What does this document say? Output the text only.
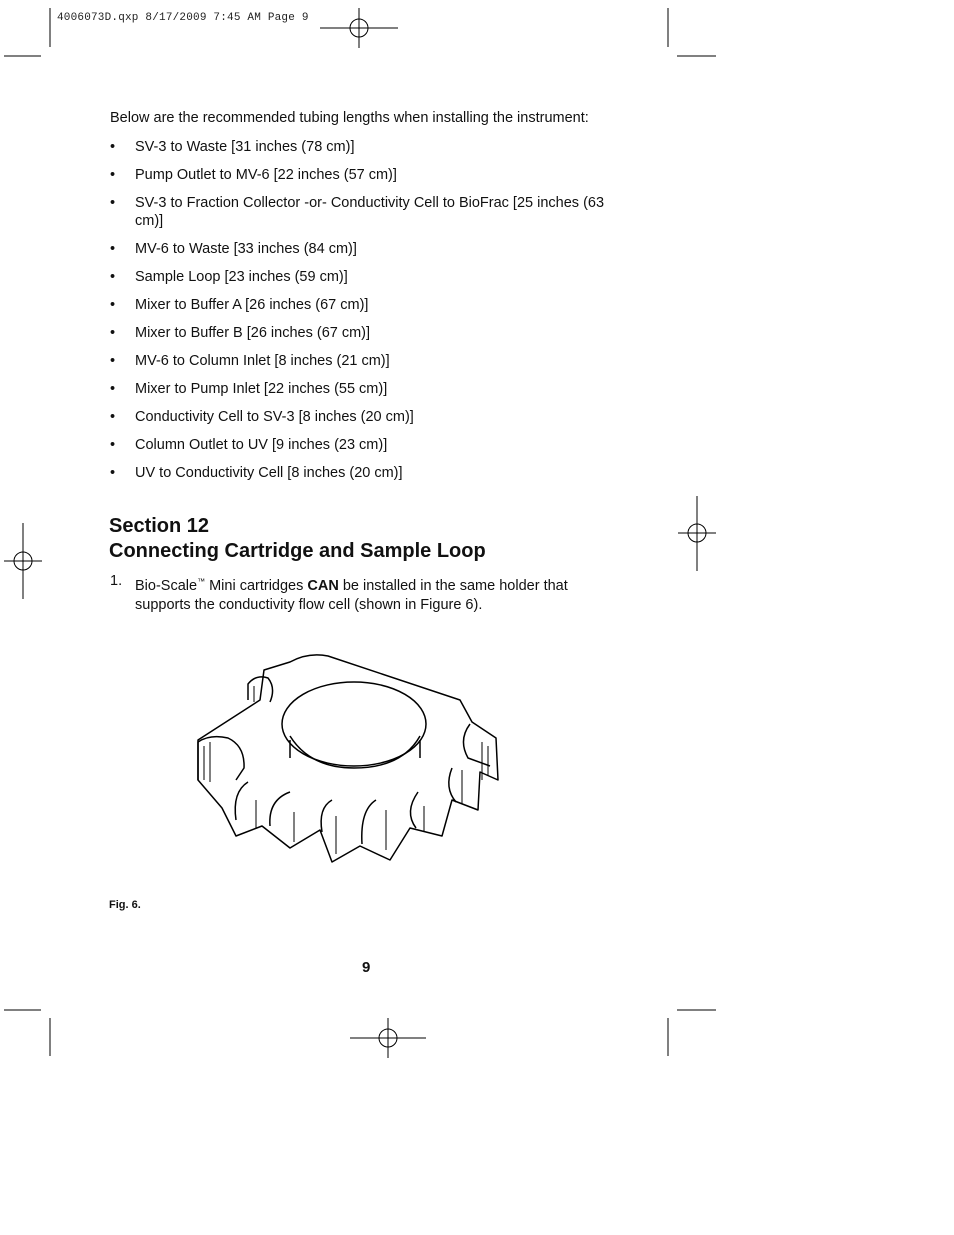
4006073D.qxp 8/17/2009 7:45 AM Page 9

Below are the recommended tubing lengths when installing the instrument:

• SV-3 to Waste [31 inches (78 cm)]
• Pump Outlet to MV-6 [22 inches (57 cm)]
• SV-3 to Fraction Collector -or- Conductivity Cell to BioFrac [25 inches (63 cm)]
• MV-6 to Waste [33 inches (84 cm)]
• Sample Loop [23 inches (59 cm)]
• Mixer to Buffer A [26 inches (67 cm)]
• Mixer to Buffer B [26 inches (67 cm)]
• MV-6 to Column Inlet [8 inches (21 cm)]
• Mixer to Pump Inlet [22 inches (55 cm)]
• Conductivity Cell to SV-3 [8 inches (20 cm)]
• Column Outlet to UV [9 inches (23 cm)]
• UV to Conductivity Cell [8 inches (20 cm)]
Section 12
Connecting Cartridge and Sample Loop
1. Bio-Scale™ Mini cartridges CAN be installed in the same holder that supports the conductivity flow cell (shown in Figure 6).
Fig. 6.
9
